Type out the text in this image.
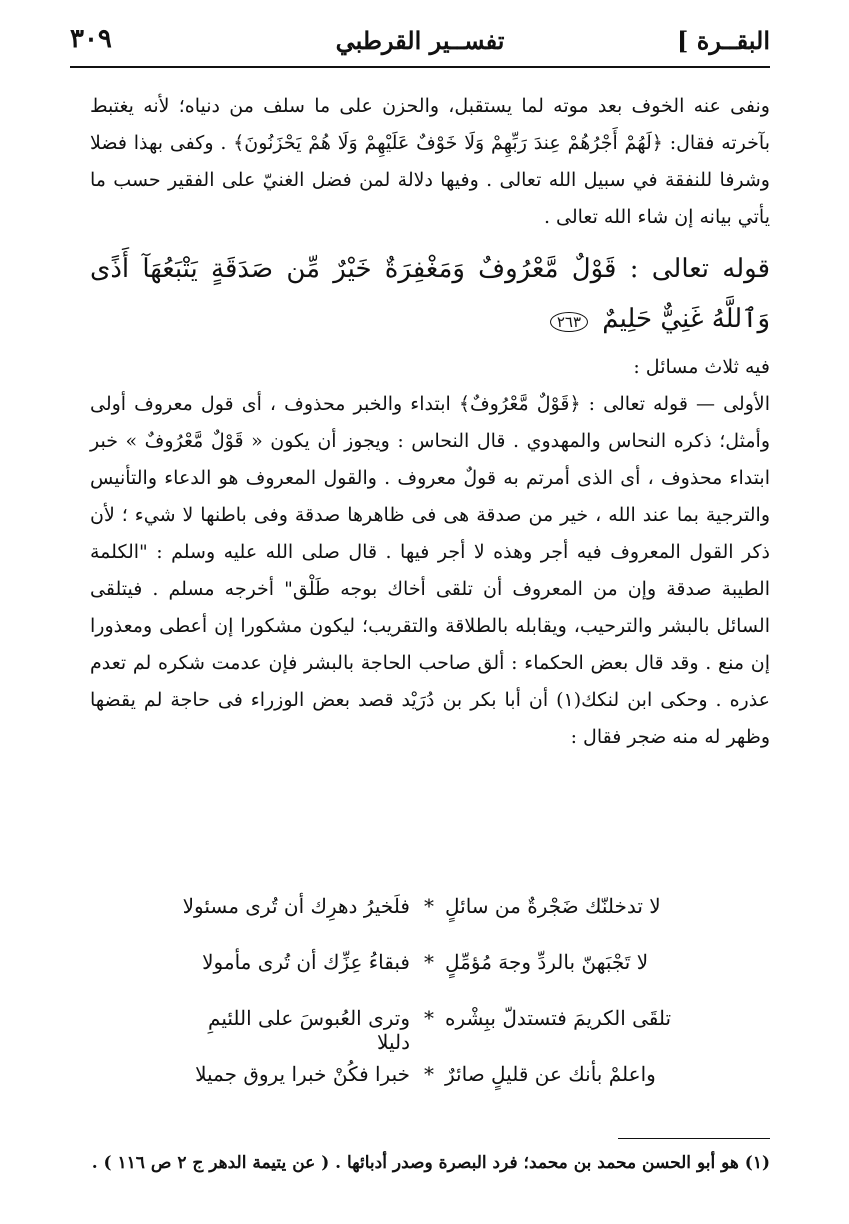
البقــرة ]
تفســير القرطبي
٣٠٩

ونفى عنه الخوف بعد موته لما يستقبل، والحزن على ما سلف من دنياه؛ لأنه يغتبط بآخرته فقال: ﴿لَهُمْ أَجْرُهُمْ عِندَ رَبِّهِمْ وَلَا خَوْفٌ عَلَيْهِمْ وَلَا هُمْ يَحْزَنُونَ﴾ . وكفى بهذا فضلا وشرفا للنفقة في سبيل الله تعالى . وفيها دلالة لمن فضل الغنيّ على الفقير حسب ما يأتي بيانه إن شاء الله تعالى .

قوله تعالى : قَوْلٌ مَّعْرُوفٌ وَمَغْفِرَةٌ خَيْرٌ مِّن صَدَقَةٍ يَتْبَعُهَآ أَذًى وَٱللَّهُ غَنِيٌّ حَلِيمٌ ٢٦٣

فيه ثلاث مسائل :

الأولى — قوله تعالى : ﴿قَوْلٌ مَّعْرُوفٌ﴾ ابتداء والخبر محذوف ، أى قول معروف أولى وأمثل؛ ذكره النحاس والمهدوي . قال النحاس : ويجوز أن يكون « قَوْلٌ مَّعْرُوفٌ » خبر ابتداء محذوف ، أى الذى أمرتم به قولٌ معروف . والقول المعروف هو الدعاء والتأنيس والترجية بما عند الله ، خير من صدقة هى فى ظاهرها صدقة وفى باطنها لا شيء ؛ لأن ذكر القول المعروف فيه أجر وهذه لا أجر فيها . قال صلى الله عليه وسلم : "الكلمة الطيبة صدقة وإن من المعروف أن تلقى أخاك بوجه طَلْق" أخرجه مسلم . فيتلقى السائل بالبشر والترحيب، ويقابله بالطلاقة والتقريب؛ ليكون مشكورا إن أعطى ومعذورا إن منع . وقد قال بعض الحكماء : ألق صاحب الحاجة بالبشر فإن عدمت شكره لم تعدم عذره . وحكى ابن لنكك(١) أن أبا بكر بن دُرَيْد قصد بعض الوزراء فى حاجة لم يقضها وظهر له منه ضجر فقال :

لا تدخلنّك ضَجْرةٌ من سائلٍ
*
فلَخيرُ دهرِك أن تُرى مسئولا
لا تَجْبَهنّ بالردِّ وجهَ مُؤمِّلٍ
*
فبقاءُ عِزِّك أن تُرى مأمولا
تلقَى الكريمَ فتستدلّ ببِشْره
*
وترى العُبوسَ على اللئيمِ دليلا
واعلمْ بأنك عن قليلٍ صائرٌ
*
خبرا فكُنْ خبرا يروق جميلا
(١) هو أبو الحسن محمد بن محمد؛ فرد البصرة وصدر أدبائها . ( عن يتيمة الدهر ج ٢ ص ١١٦ ) .
